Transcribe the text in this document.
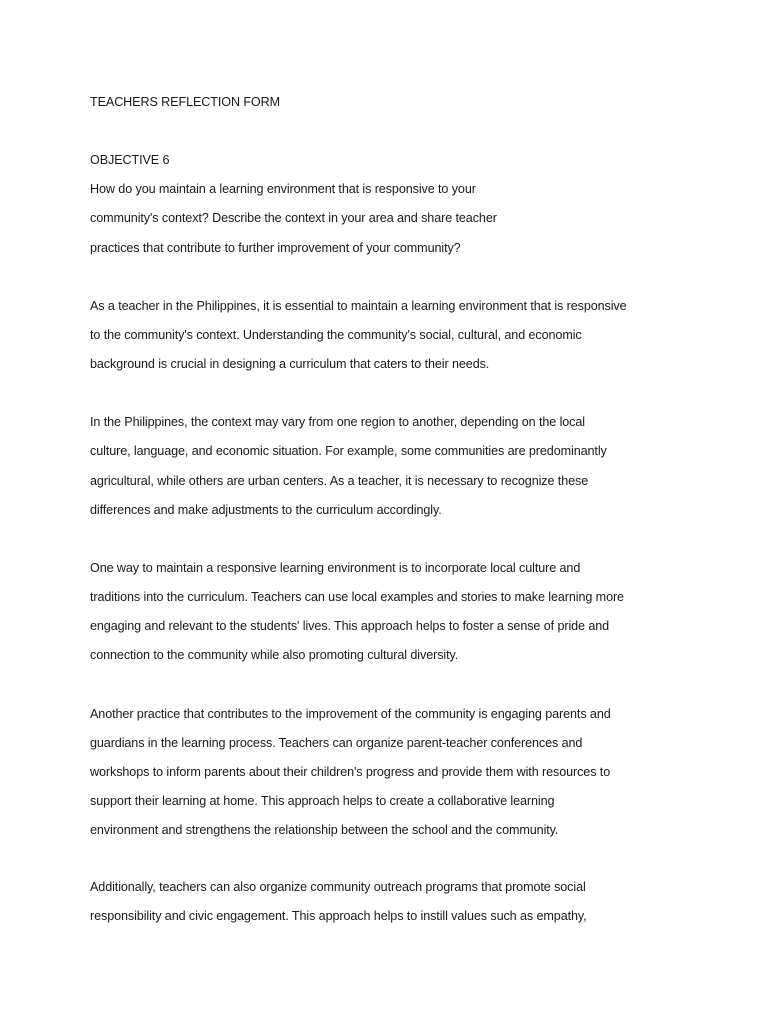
TEACHERS REFLECTION FORM
OBJECTIVE 6
How do you maintain a learning environment that is responsive to your
community's context? Describe the context in your area and share teacher
practices that contribute to further improvement of your community?
As a teacher in the Philippines, it is essential to maintain a learning environment that is responsive
to the community's context. Understanding the community's social, cultural, and economic
background is crucial in designing a curriculum that caters to their needs.
In the Philippines, the context may vary from one region to another, depending on the local
culture, language, and economic situation. For example, some communities are predominantly
agricultural, while others are urban centers. As a teacher, it is necessary to recognize these
differences and make adjustments to the curriculum accordingly.
One way to maintain a responsive learning environment is to incorporate local culture and
traditions into the curriculum. Teachers can use local examples and stories to make learning more
engaging and relevant to the students' lives. This approach helps to foster a sense of pride and
connection to the community while also promoting cultural diversity.
Another practice that contributes to the improvement of the community is engaging parents and
guardians in the learning process. Teachers can organize parent-teacher conferences and
workshops to inform parents about their children's progress and provide them with resources to
support their learning at home. This approach helps to create a collaborative learning
environment and strengthens the relationship between the school and the community.
Additionally, teachers can also organize community outreach programs that promote social
responsibility and civic engagement. This approach helps to instill values such as empathy,
